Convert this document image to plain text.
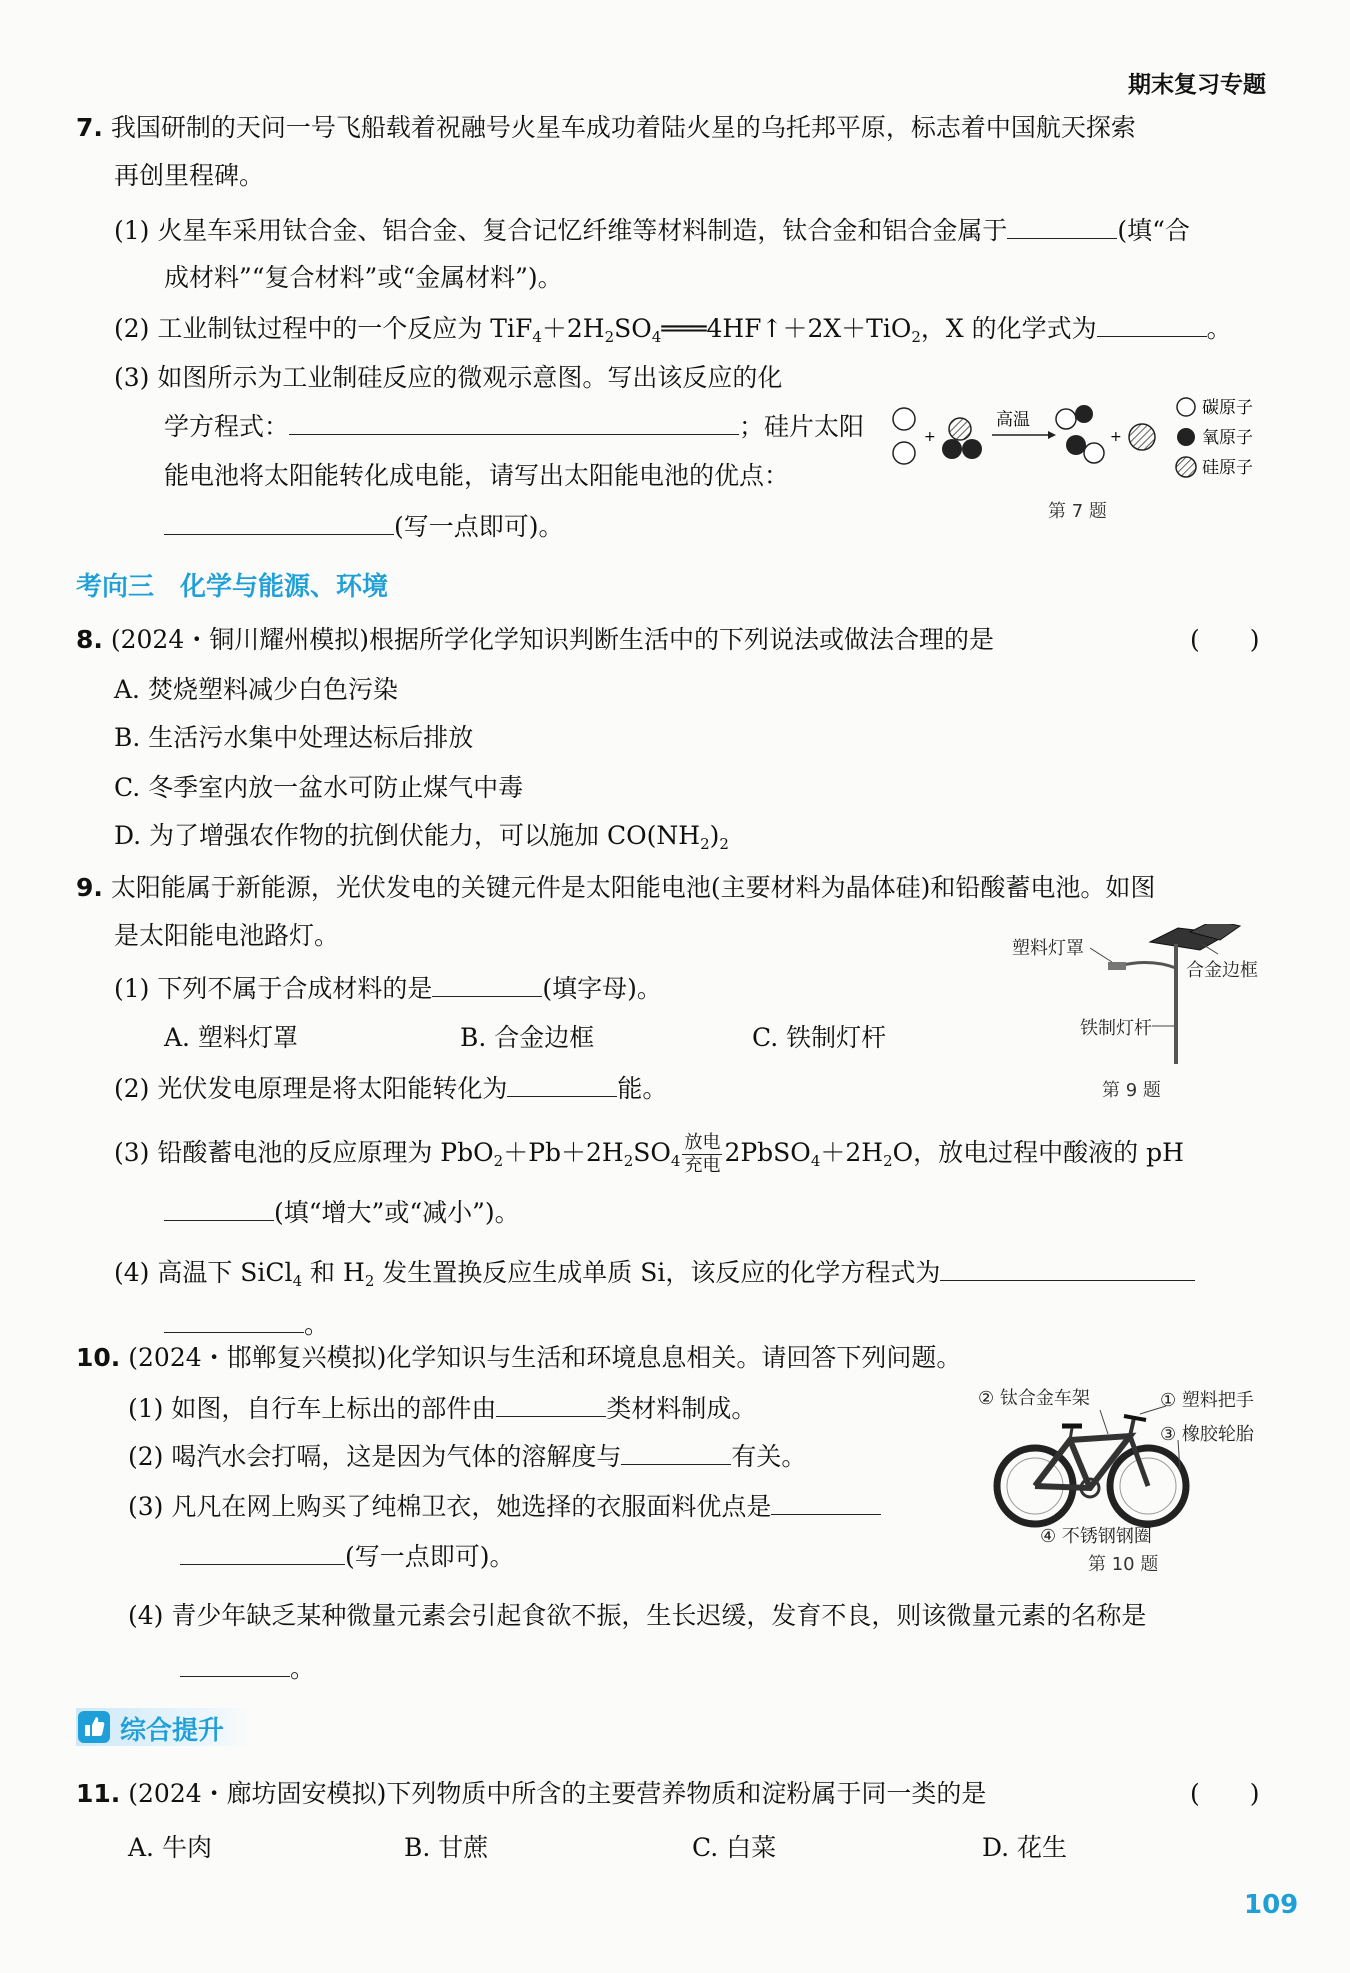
期末复习专题
7. 我国研制的天问一号飞船载着祝融号火星车成功着陆火星的乌托邦平原，标志着中国航天探索
再创里程碑。
(1) 火星车采用钛合金、铝合金、复合记忆纤维等材料制造，钛合金和铝合金属于	(填“合
成材料”“复合材料”或“金属材料”)。
(2) 工业制钛过程中的一个反应为 $TiF_4+2H_2SO_4═══4HF↑+2X+TiO_2$，X 的化学式为	。
(3) 如图所示为工业制硅反应的微观示意图。写出该反应的化
学方程式：	；硅片太阳
能电池将太阳能转化成电能，请写出太阳能电池的优点：
(写一点即可)。
+
高温
+
碳原子
氧原子
硅原子
第 7 题
考向三　化学与能源、环境
8. (2024・铜川耀州模拟)根据所学化学知识判断生活中的下列说法或做法合理的是	(　　)
A. 焚烧塑料减少白色污染
B. 生活污水集中处理达标后排放
C. 冬季室内放一盆水可防止煤气中毒
D. 为了增强农作物的抗倒伏能力，可以施加 $CO(NH_2)_2$
9. 太阳能属于新能源，光伏发电的关键元件是太阳能电池(主要材料为晶体硅)和铅酸蓄电池。如图
是太阳能电池路灯。
(1) 下列不属于合成材料的是	(填字母)。
A. 塑料灯罩	B. 合金边框	C. 铁制灯杆
(2) 光伏发电原理是将太阳能转化为	能。
(3) 铅酸蓄电池的反应原理为 $PbO_2+Pb+2H_2SO_4 \frac{\text{放电}}{\text{充电}}$ $2PbSO_4+2H_2O$，放电过程中酸液的 pH
(填“增大”或“减小”)。
(4) 高温下 SiCl$_4$ 和 $H_2$ 发生置换反应生成单质 Si，该反应的化学方程式为
。
塑料灯罩
合金边框
铁制灯杆
第 9 题
10. (2024・邯郸复兴模拟)化学知识与生活和环境息息相关。请回答下列问题。
(1) 如图，自行车上标出的部件由	类材料制成。
(2) 喝汽水会打嗝，这是因为气体的溶解度与	有关。
(3) 凡凡在网上购买了纯棉卫衣，她选择的衣服面料优点是
(写一点即可)。
(4) 青少年缺乏某种微量元素会引起食欲不振，生长迟缓，发育不良，则该微量元素的名称是
。
② 钛合金车架	① 塑料把手
③ 橡胶轮胎
④ 不锈钢钢圈
第 10 题
综合提升
11. (2024・廊坊固安模拟)下列物质中所含的主要营养物质和淀粉属于同一类的是	(　　)
A. 牛肉	B. 甘蔗	C. 白菜	D. 花生
109
